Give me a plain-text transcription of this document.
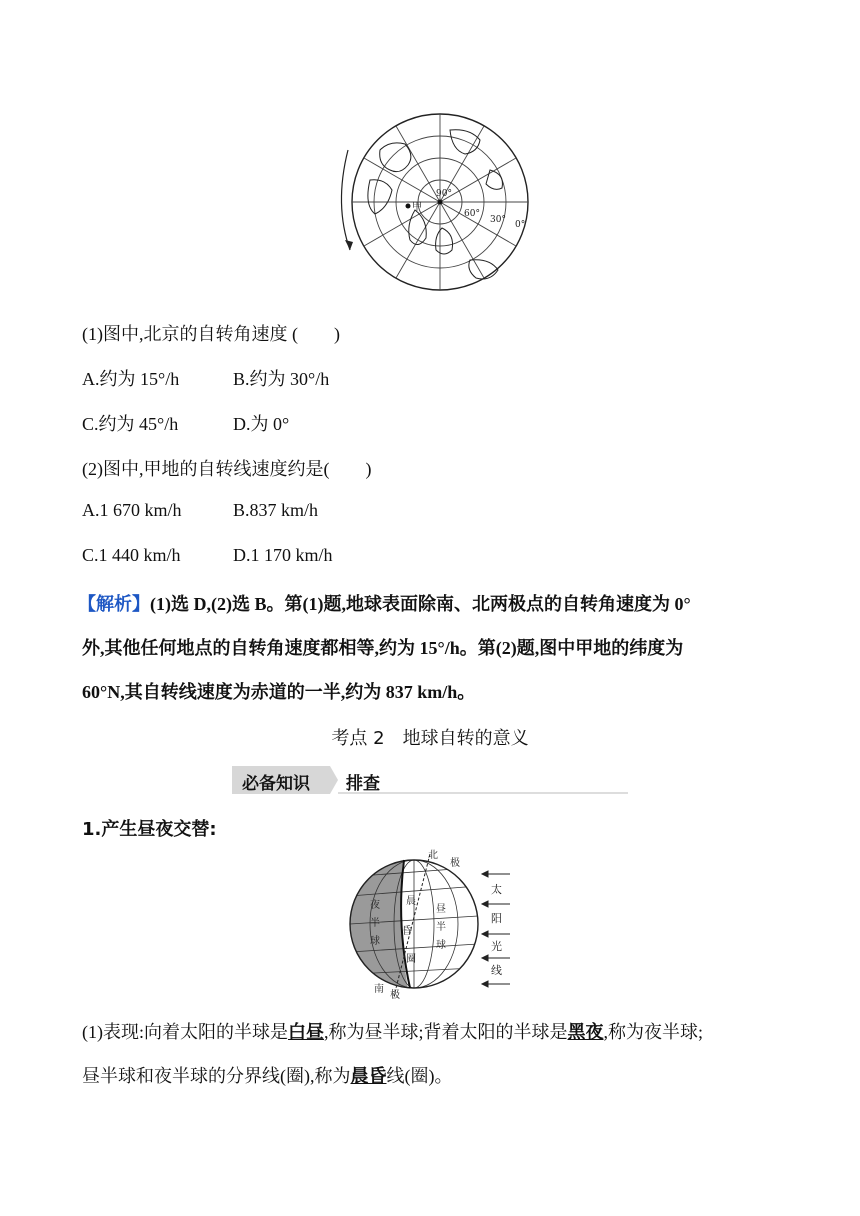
90°
甲
60°
30° 0°
(1)图中,北京的自转角速度 (　　)
A.约为 15°/h	B.约为 30°/h
C.约为 45°/h	D.为 0°
(2)图中,甲地的自转线速度约是(　　)
A.1 670 km/h	B.837 km/h
C.1 440 km/h	D.1 170 km/h
【解析】(1)选 D,(2)选 B。第(1)题,地球表面除南、北两极点的自转角速度为 0°
外,其他任何地点的自转角速度都相等,约为 15°/h。第(2)题,图中甲地的纬度为
60°N,其自转线速度为赤道的一半,约为 837 km/h。
考点 2　地球自转的意义
必备知识 排查
1.产生昼夜交替:
北
极
南
极
晨
昏
圈
夜
半
球
昼
半
球
太
阳
光
线
(1)表现:向着太阳的半球是白昼,称为昼半球;背着太阳的半球是黑夜,称为夜半球;
昼半球和夜半球的分界线(圈),称为晨昏线(圈)。
